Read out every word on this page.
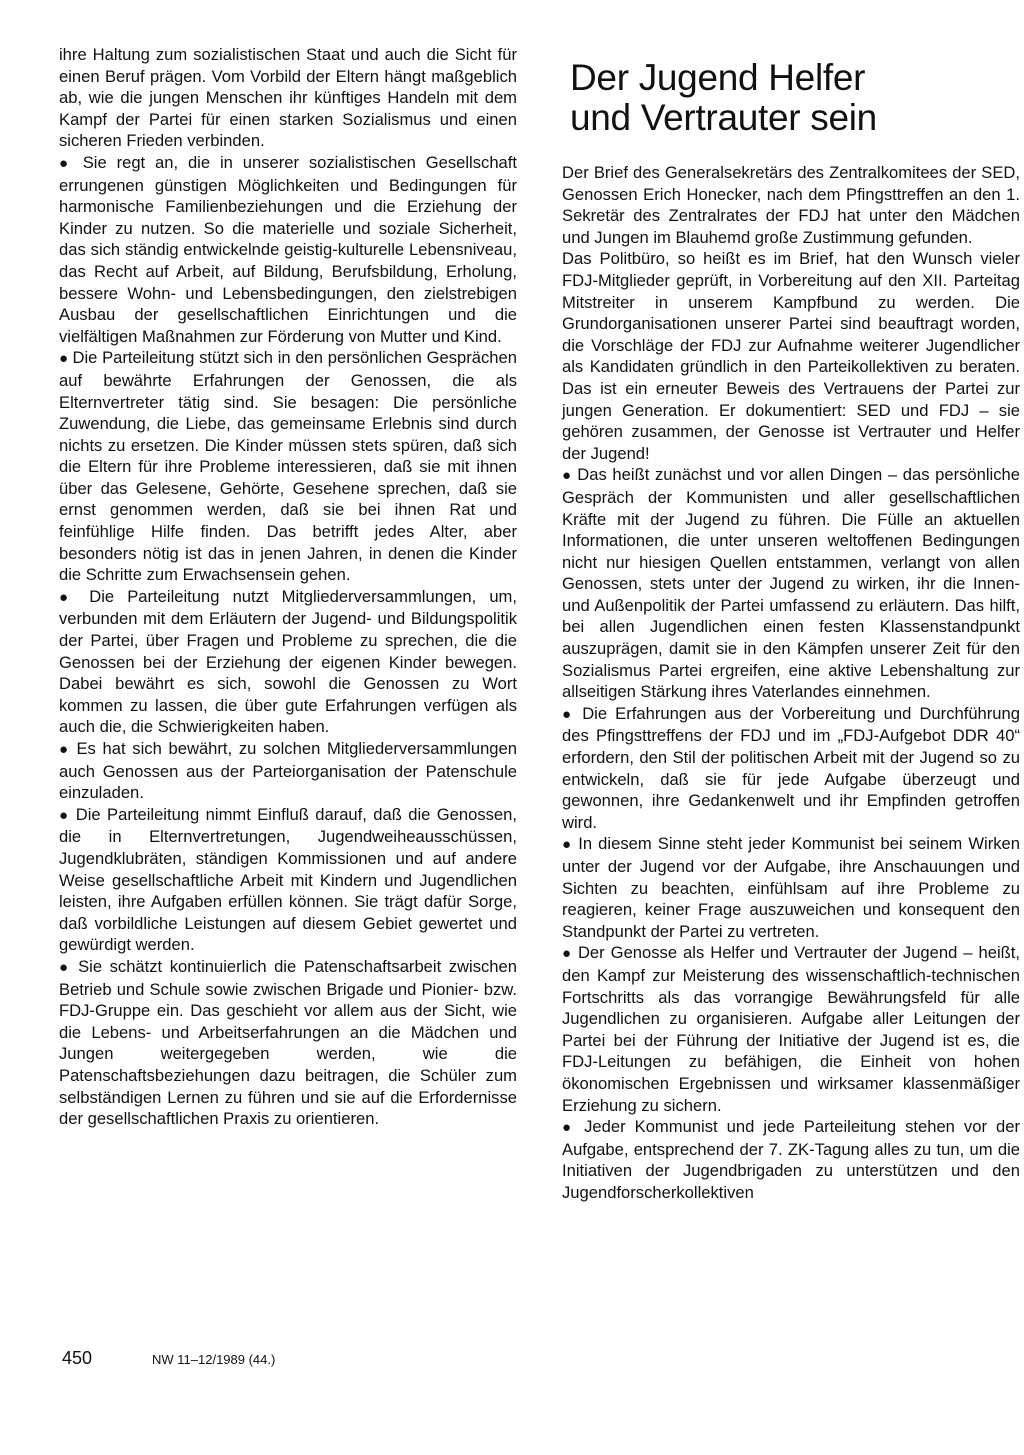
ihre Haltung zum sozialistischen Staat und auch die Sicht für einen Beruf prägen. Vom Vorbild der Eltern hängt maßgeblich ab, wie die jungen Menschen ihr künftiges Handeln mit dem Kampf der Partei für einen starken Sozialismus und einen sicheren Frieden verbinden.

● Sie regt an, die in unserer sozialistischen Gesellschaft errungenen günstigen Möglichkeiten und Bedingungen für harmonische Familienbeziehungen und die Erziehung der Kinder zu nutzen. So die materielle und soziale Sicherheit, das sich ständig entwickelnde geistig-kulturelle Lebensniveau, das Recht auf Arbeit, auf Bildung, Berufsbildung, Erholung, bessere Wohn- und Lebensbedingungen, den zielstrebigen Ausbau der gesellschaftlichen Einrichtungen und die vielfältigen Maßnahmen zur Förderung von Mutter und Kind.

● Die Parteileitung stützt sich in den persönlichen Gesprächen auf bewährte Erfahrungen der Genossen, die als Elternvertreter tätig sind. Sie besagen: Die persönliche Zuwendung, die Liebe, das gemeinsame Erlebnis sind durch nichts zu ersetzen. Die Kinder müssen stets spüren, daß sich die Eltern für ihre Probleme interessieren, daß sie mit ihnen über das Gelesene, Gehörte, Gesehene sprechen, daß sie ernst genommen werden, daß sie bei ihnen Rat und feinfühlige Hilfe finden. Das betrifft jedes Alter, aber besonders nötig ist das in jenen Jahren, in denen die Kinder die Schritte zum Erwachsensein gehen.

● Die Parteileitung nutzt Mitgliederversammlungen, um, verbunden mit dem Erläutern der Jugend- und Bildungspolitik der Partei, über Fragen und Probleme zu sprechen, die die Genossen bei der Erziehung der eigenen Kinder bewegen. Dabei bewährt es sich, sowohl die Genossen zu Wort kommen zu lassen, die über gute Erfahrungen verfügen als auch die, die Schwierigkeiten haben.

● Es hat sich bewährt, zu solchen Mitgliederversammlungen auch Genossen aus der Parteiorganisation der Patenschule einzuladen.

● Die Parteileitung nimmt Einfluß darauf, daß die Genossen, die in Elternvertretungen, Jugendweiheausschüssen, Jugendklubräten, ständigen Kommissionen und auf andere Weise gesellschaftliche Arbeit mit Kindern und Jugendlichen leisten, ihre Aufgaben erfüllen können. Sie trägt dafür Sorge, daß vorbildliche Leistungen auf diesem Gebiet gewertet und gewürdigt werden.

● Sie schätzt kontinuierlich die Patenschaftsarbeit zwischen Betrieb und Schule sowie zwischen Brigade und Pionier- bzw. FDJ-Gruppe ein. Das geschieht vor allem aus der Sicht, wie die Lebens- und Arbeitserfahrungen an die Mädchen und Jungen weitergegeben werden, wie die Patenschaftsbeziehungen dazu beitragen, die Schüler zum selbständigen Lernen zu führen und sie auf die Erfordernisse der gesellschaftlichen Praxis zu orientieren.

Der Jugend Helfer
und Vertrauter sein

Der Brief des Generalsekretärs des Zentralkomitees der SED, Genossen Erich Honecker, nach dem Pfingsttreffen an den 1. Sekretär des Zentralrates der FDJ hat unter den Mädchen und Jungen im Blauhemd große Zustimmung gefunden.

Das Politbüro, so heißt es im Brief, hat den Wunsch vieler FDJ-Mitglieder geprüft, in Vorbereitung auf den XII. Parteitag Mitstreiter in unserem Kampfbund zu werden. Die Grundorganisationen unserer Partei sind beauftragt worden, die Vorschläge der FDJ zur Aufnahme weiterer Jugendlicher als Kandidaten gründlich in den Parteikollektiven zu beraten. Das ist ein erneuter Beweis des Vertrauens der Partei zur jungen Generation. Er dokumentiert: SED und FDJ – sie gehören zusammen, der Genosse ist Vertrauter und Helfer der Jugend!

● Das heißt zunächst und vor allen Dingen – das persönliche Gespräch der Kommunisten und aller gesellschaftlichen Kräfte mit der Jugend zu führen. Die Fülle an aktuellen Informationen, die unter unseren weltoffenen Bedingungen nicht nur hiesigen Quellen entstammen, verlangt von allen Genossen, stets unter der Jugend zu wirken, ihr die Innen- und Außenpolitik der Partei umfassend zu erläutern. Das hilft, bei allen Jugendlichen einen festen Klassenstandpunkt auszuprägen, damit sie in den Kämpfen unserer Zeit für den Sozialismus Partei ergreifen, eine aktive Lebenshaltung zur allseitigen Stärkung ihres Vaterlandes einnehmen.

● Die Erfahrungen aus der Vorbereitung und Durchführung des Pfingsttreffens der FDJ und im „FDJ-Aufgebot DDR 40“ erfordern, den Stil der politischen Arbeit mit der Jugend so zu entwickeln, daß sie für jede Aufgabe überzeugt und gewonnen, ihre Gedankenwelt und ihr Empfinden getroffen wird.

● In diesem Sinne steht jeder Kommunist bei seinem Wirken unter der Jugend vor der Aufgabe, ihre Anschauungen und Sichten zu beachten, einfühlsam auf ihre Probleme zu reagieren, keiner Frage auszuweichen und konsequent den Standpunkt der Partei zu vertreten.

● Der Genosse als Helfer und Vertrauter der Jugend – heißt, den Kampf zur Meisterung des wissenschaftlich-technischen Fortschritts als das vorrangige Bewährungsfeld für alle Jugendlichen zu organisieren. Aufgabe aller Leitungen der Partei bei der Führung der Initiative der Jugend ist es, die FDJ-Leitungen zu befähigen, die Einheit von hohen ökonomischen Ergebnissen und wirksamer klassenmäßiger Erziehung zu sichern.

● Jeder Kommunist und jede Parteileitung stehen vor der Aufgabe, entsprechend der 7. ZK-Tagung alles zu tun, um die Initiativen der Jugendbrigaden zu unterstützen und den Jugendforscherkollektiven

450	NW 11–12/1989 (44.)
